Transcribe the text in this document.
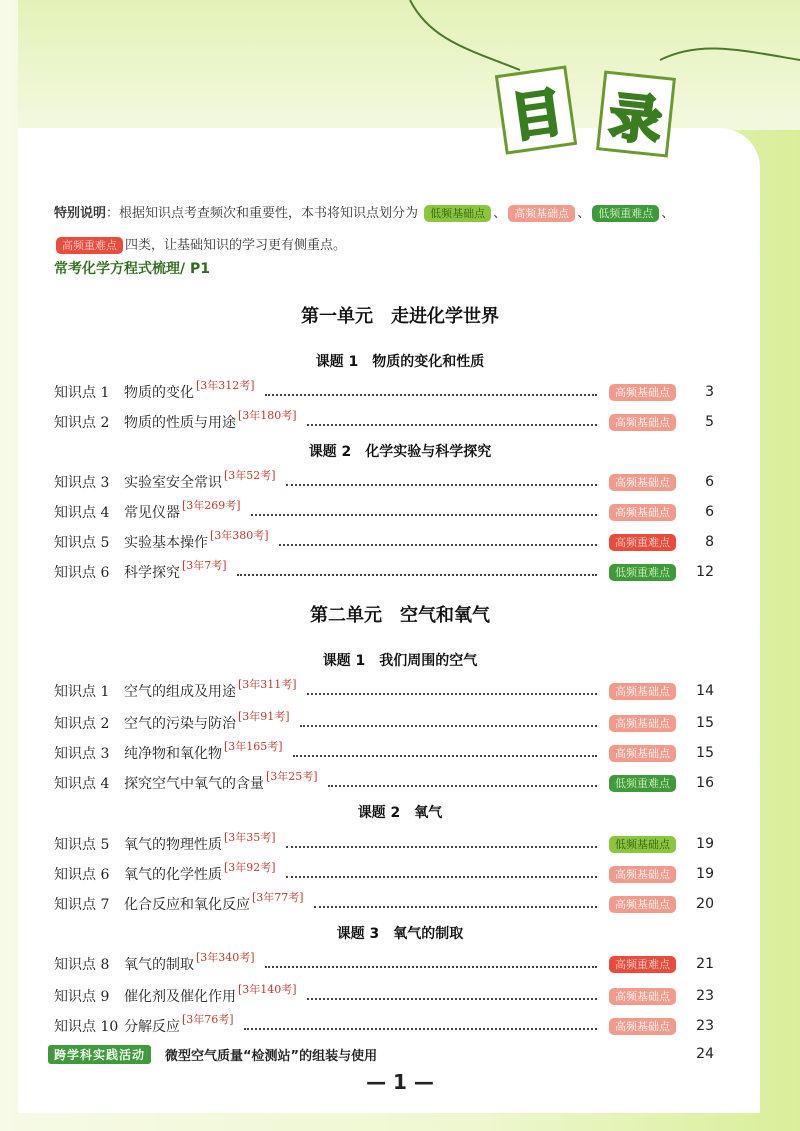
目 录
特别说明：根据知识点考查频次和重要性，本书将知识点划分为 低频基础点 、 高频基础点 、 低频重难点 、
高频重难点 四类，让基础知识的学习更有侧重点。
常考化学方程式梳理/ P1
第一单元　走进化学世界
课题 1　物质的变化和性质
知识点 1	物质的变化 [3年312考]	高频基础点	3
知识点 2	物质的性质与用途 [3年180考]	高频基础点	5
课题 2　化学实验与科学探究
知识点 3	实验室安全常识 [3年52考]	高频基础点	6
知识点 4	常见仪器 [3年269考]	高频基础点	6
知识点 5	实验基本操作 [3年380考]	高频重难点	8
知识点 6	科学探究 [3年7考]	低频重难点	12
第二单元　空气和氧气
课题 1　我们周围的空气
知识点 1	空气的组成及用途 [3年311考]	高频基础点	14
知识点 2	空气的污染与防治 [3年91考]	高频基础点	15
知识点 3	纯净物和氧化物 [3年165考]	高频基础点	15
知识点 4	探究空气中氧气的含量 [3年25考]	低频重难点	16
课题 2　氧气
知识点 5	氧气的物理性质 [3年35考]	低频基础点	19
知识点 6	氧气的化学性质 [3年92考]	高频基础点	19
知识点 7	化合反应和氧化反应 [3年77考]	高频基础点	20
课题 3　氧气的制取
知识点 8	氧气的制取 [3年340考]	高频重难点	21
知识点 9	催化剂及催化作用 [3年140考]	高频基础点	23
知识点 10 分解反应 [3年76考]	高频基础点	23
跨学科实践活动	微型空气质量“检测站”的组装与使用	24
— 1 —
